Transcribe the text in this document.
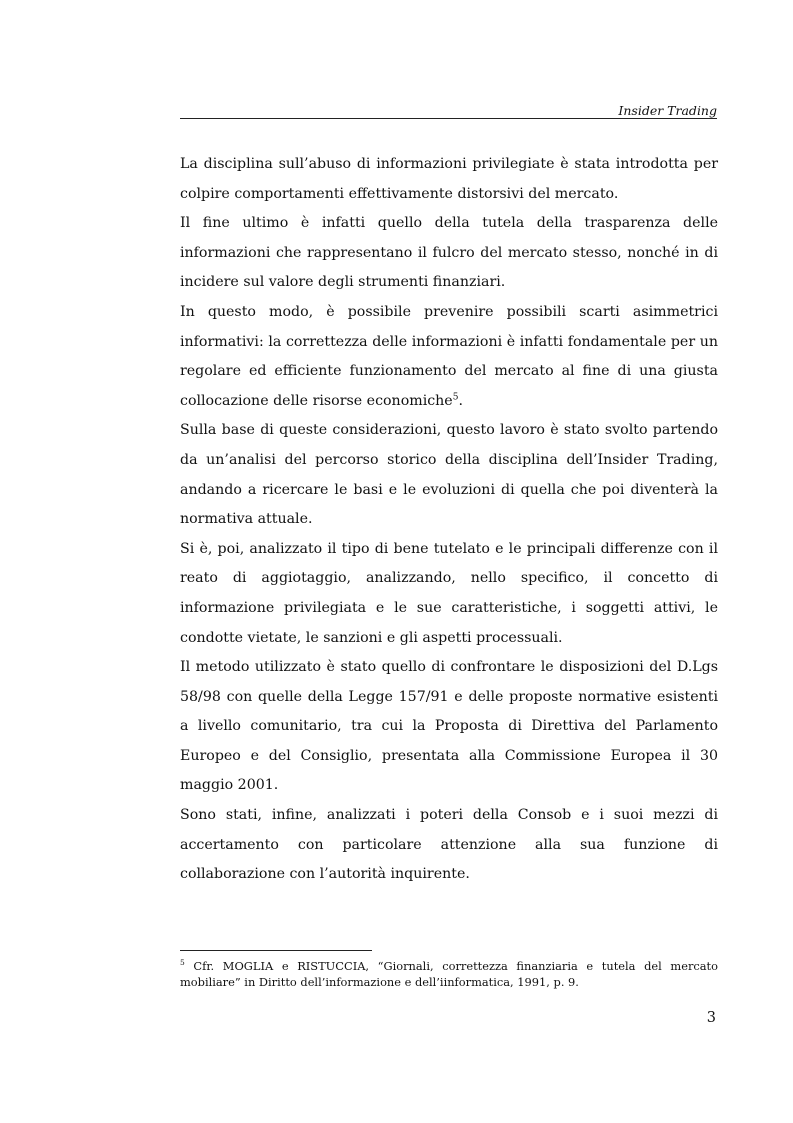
Insider Trading

La disciplina sull’abuso di informazioni privilegiate è stata introdotta per colpire comportamenti effettivamente distorsivi del mercato.

Il fine ultimo è infatti quello della tutela della trasparenza delle informazioni che rappresentano il fulcro del mercato stesso, nonché in di incidere sul valore degli strumenti finanziari.

In questo modo, è possibile prevenire possibili scarti asimmetrici informativi: la correttezza delle informazioni è infatti fondamentale per un regolare ed efficiente funzionamento del mercato al fine di una giusta collocazione delle risorse economiche$^5$.

Sulla base di queste considerazioni, questo lavoro è stato svolto partendo da un’analisi del percorso storico della disciplina dell’Insider Trading, andando a ricercare le basi e le evoluzioni di quella che poi diventerà la normativa attuale.

Si è, poi, analizzato il tipo di bene tutelato e le principali differenze con il reato di aggiotaggio, analizzando, nello specifico, il concetto di informazione privilegiata e le sue caratteristiche, i soggetti attivi, le condotte vietate, le sanzioni e gli aspetti processuali.

Il metodo utilizzato è stato quello di confrontare le disposizioni del D.Lgs 58/98 con quelle della Legge 157/91 e delle proposte normative esistenti a livello comunitario, tra cui la Proposta di Direttiva del Parlamento Europeo e del Consiglio, presentata alla Commissione Europea il 30 maggio 2001.

Sono stati, infine, analizzati i poteri della Consob e i suoi mezzi di accertamento con particolare attenzione alla sua funzione di collaborazione con l’autorità inquirente.

$^5$ Cfr. MOGLIA e RISTUCCIA, “Giornali, correttezza finanziaria e tutela del mercato mobiliare” in Diritto dell’informazione e dell’iinformatica, 1991, p. 9.

3
